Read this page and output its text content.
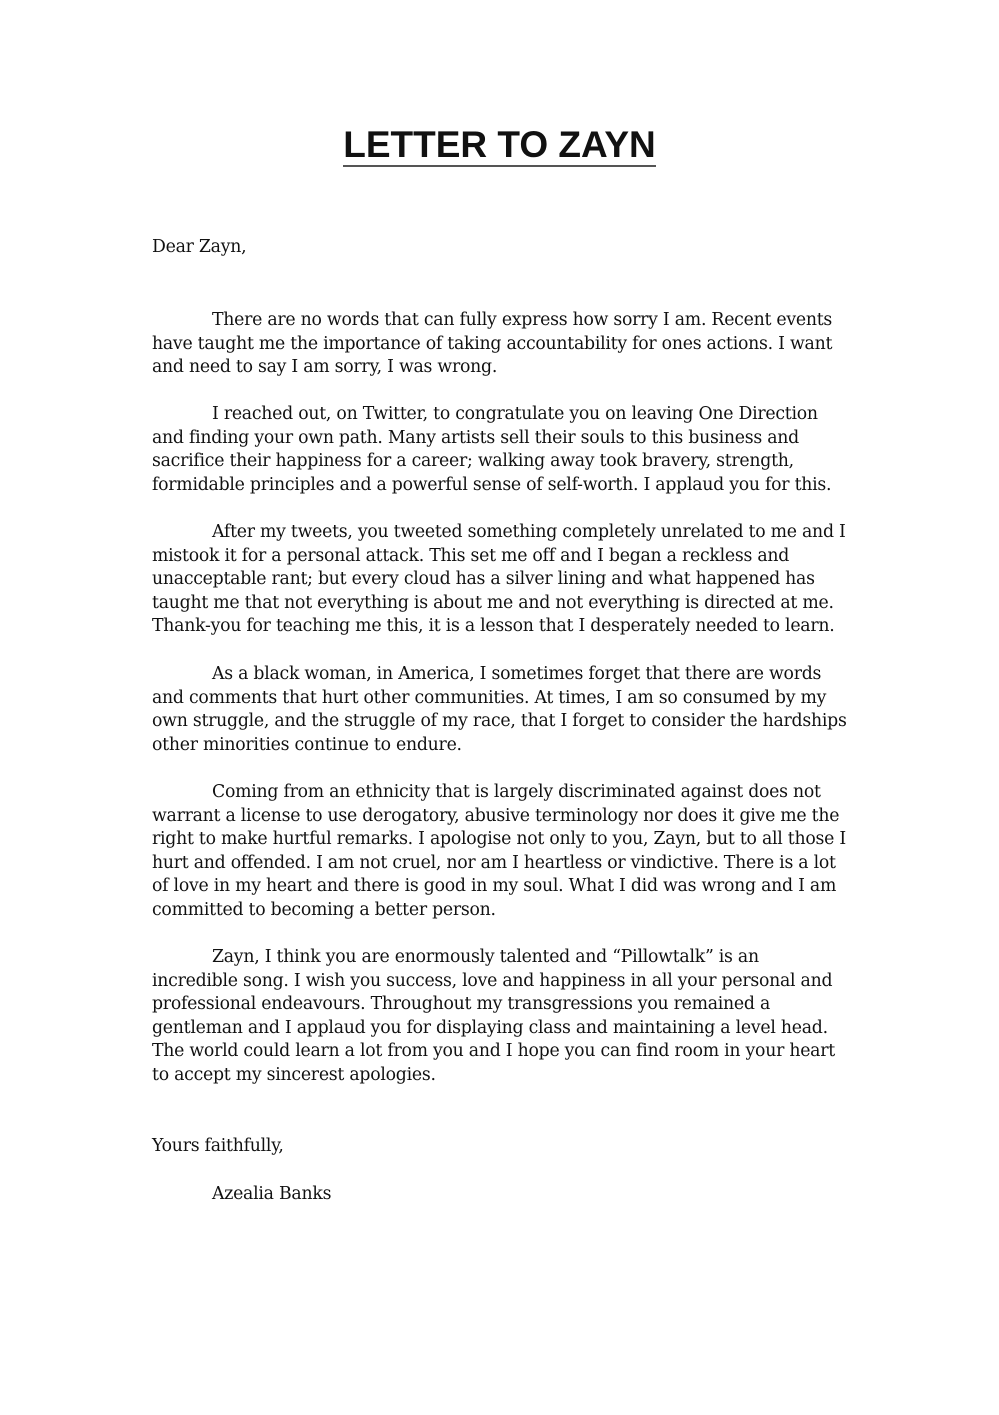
LETTER TO ZAYN
Dear Zayn,
There are no words that can fully express how sorry I am. Recent events
have taught me the importance of taking accountability for ones actions. I want
and need to say I am sorry, I was wrong.
I reached out, on Twitter, to congratulate you on leaving One Direction
and finding your own path. Many artists sell their souls to this business and
sacrifice their happiness for a career; walking away took bravery, strength,
formidable principles and a powerful sense of self-worth. I applaud you for this.
After my tweets, you tweeted something completely unrelated to me and I
mistook it for a personal attack. This set me off and I began a reckless and
unacceptable rant; but every cloud has a silver lining and what happened has
taught me that not everything is about me and not everything is directed at me.
Thank-you for teaching me this, it is a lesson that I desperately needed to learn.
As a black woman, in America, I sometimes forget that there are words
and comments that hurt other communities. At times, I am so consumed by my
own struggle, and the struggle of my race, that I forget to consider the hardships
other minorities continue to endure.
Coming from an ethnicity that is largely discriminated against does not
warrant a license to use derogatory, abusive terminology nor does it give me the
right to make hurtful remarks. I apologise not only to you, Zayn, but to all those I
hurt and offended. I am not cruel, nor am I heartless or vindictive. There is a lot
of love in my heart and there is good in my soul. What I did was wrong and I am
committed to becoming a better person.
Zayn, I think you are enormously talented and “Pillowtalk” is an
incredible song. I wish you success, love and happiness in all your personal and
professional endeavours. Throughout my transgressions you remained a
gentleman and I applaud you for displaying class and maintaining a level head.
The world could learn a lot from you and I hope you can find room in your heart
to accept my sincerest apologies.
Yours faithfully,
Azealia Banks
